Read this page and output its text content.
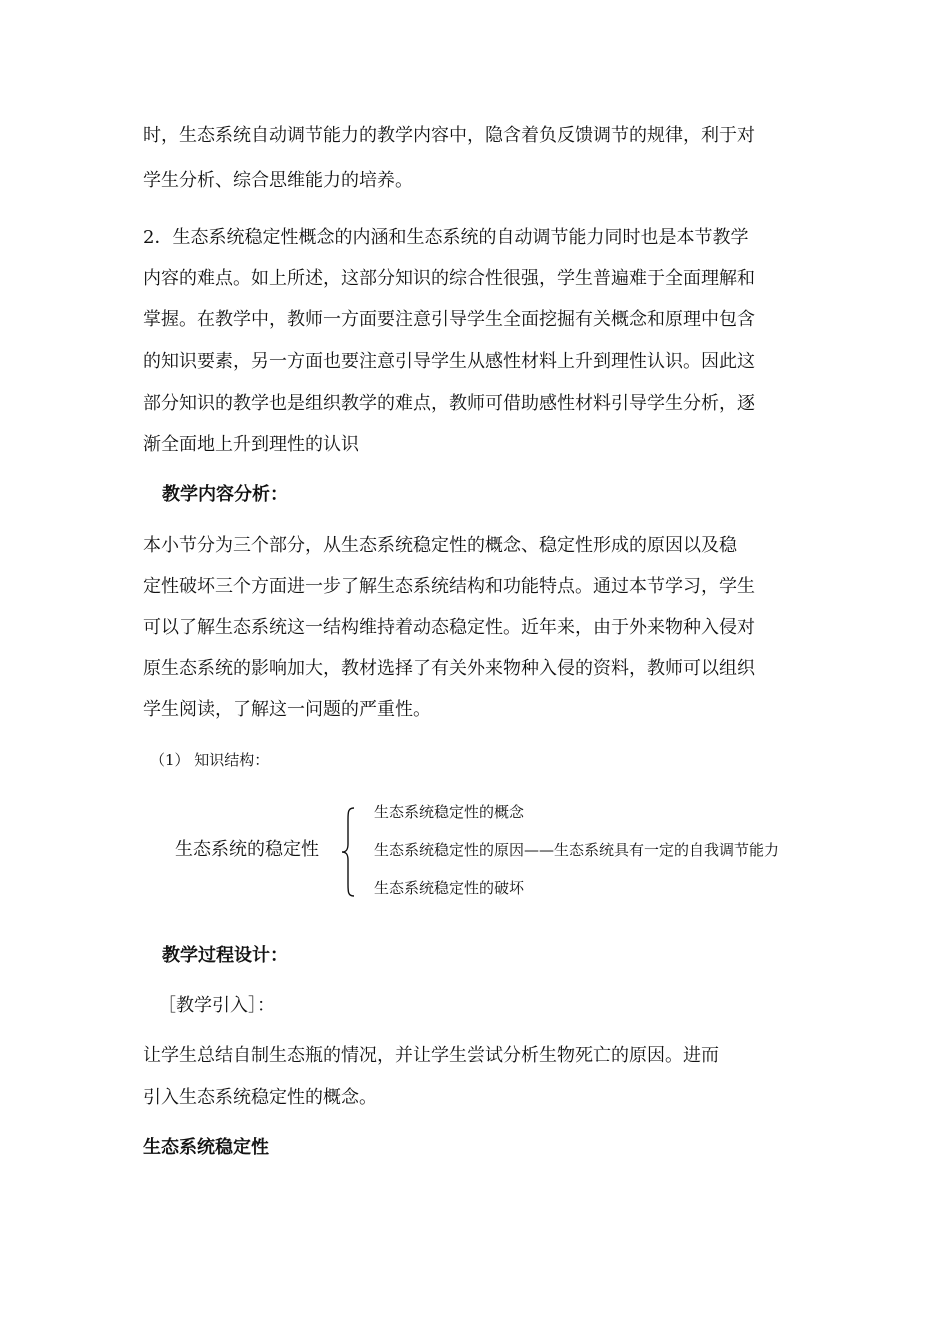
时，生态系统自动调节能力的教学内容中，隐含着负反馈调节的规律，利于对
学生分析、综合思维能力的培养。
2．生态系统稳定性概念的内涵和生态系统的自动调节能力同时也是本节教学
内容的难点。如上所述，这部分知识的综合性很强，学生普遍难于全面理解和
掌握。在教学中，教师一方面要注意引导学生全面挖掘有关概念和原理中包含
的知识要素，另一方面也要注意引导学生从感性材料上升到理性认识。因此这
部分知识的教学也是组织教学的难点，教师可借助感性材料引导学生分析，逐
渐全面地上升到理性的认识
教学内容分析：
本小节分为三个部分，从生态系统稳定性的概念、稳定性形成的原因以及稳
定性破坏三个方面进一步了解生态系统结构和功能特点。通过本节学习，学生
可以了解生态系统这一结构维持着动态稳定性。近年来，由于外来物种入侵对
原生态系统的影响加大，教材选择了有关外来物种入侵的资料，教师可以组织
学生阅读，了解这一问题的严重性。
（1） 知识结构：
生态系统的稳定性
生态系统稳定性的概念
生态系统稳定性的原因——生态系统具有一定的自我调节能力
生态系统稳定性的破坏
教学过程设计：
［教学引入］：
让学生总结自制生态瓶的情况，并让学生尝试分析生物死亡的原因。进而
引入生态系统稳定性的概念。
生态系统稳定性
